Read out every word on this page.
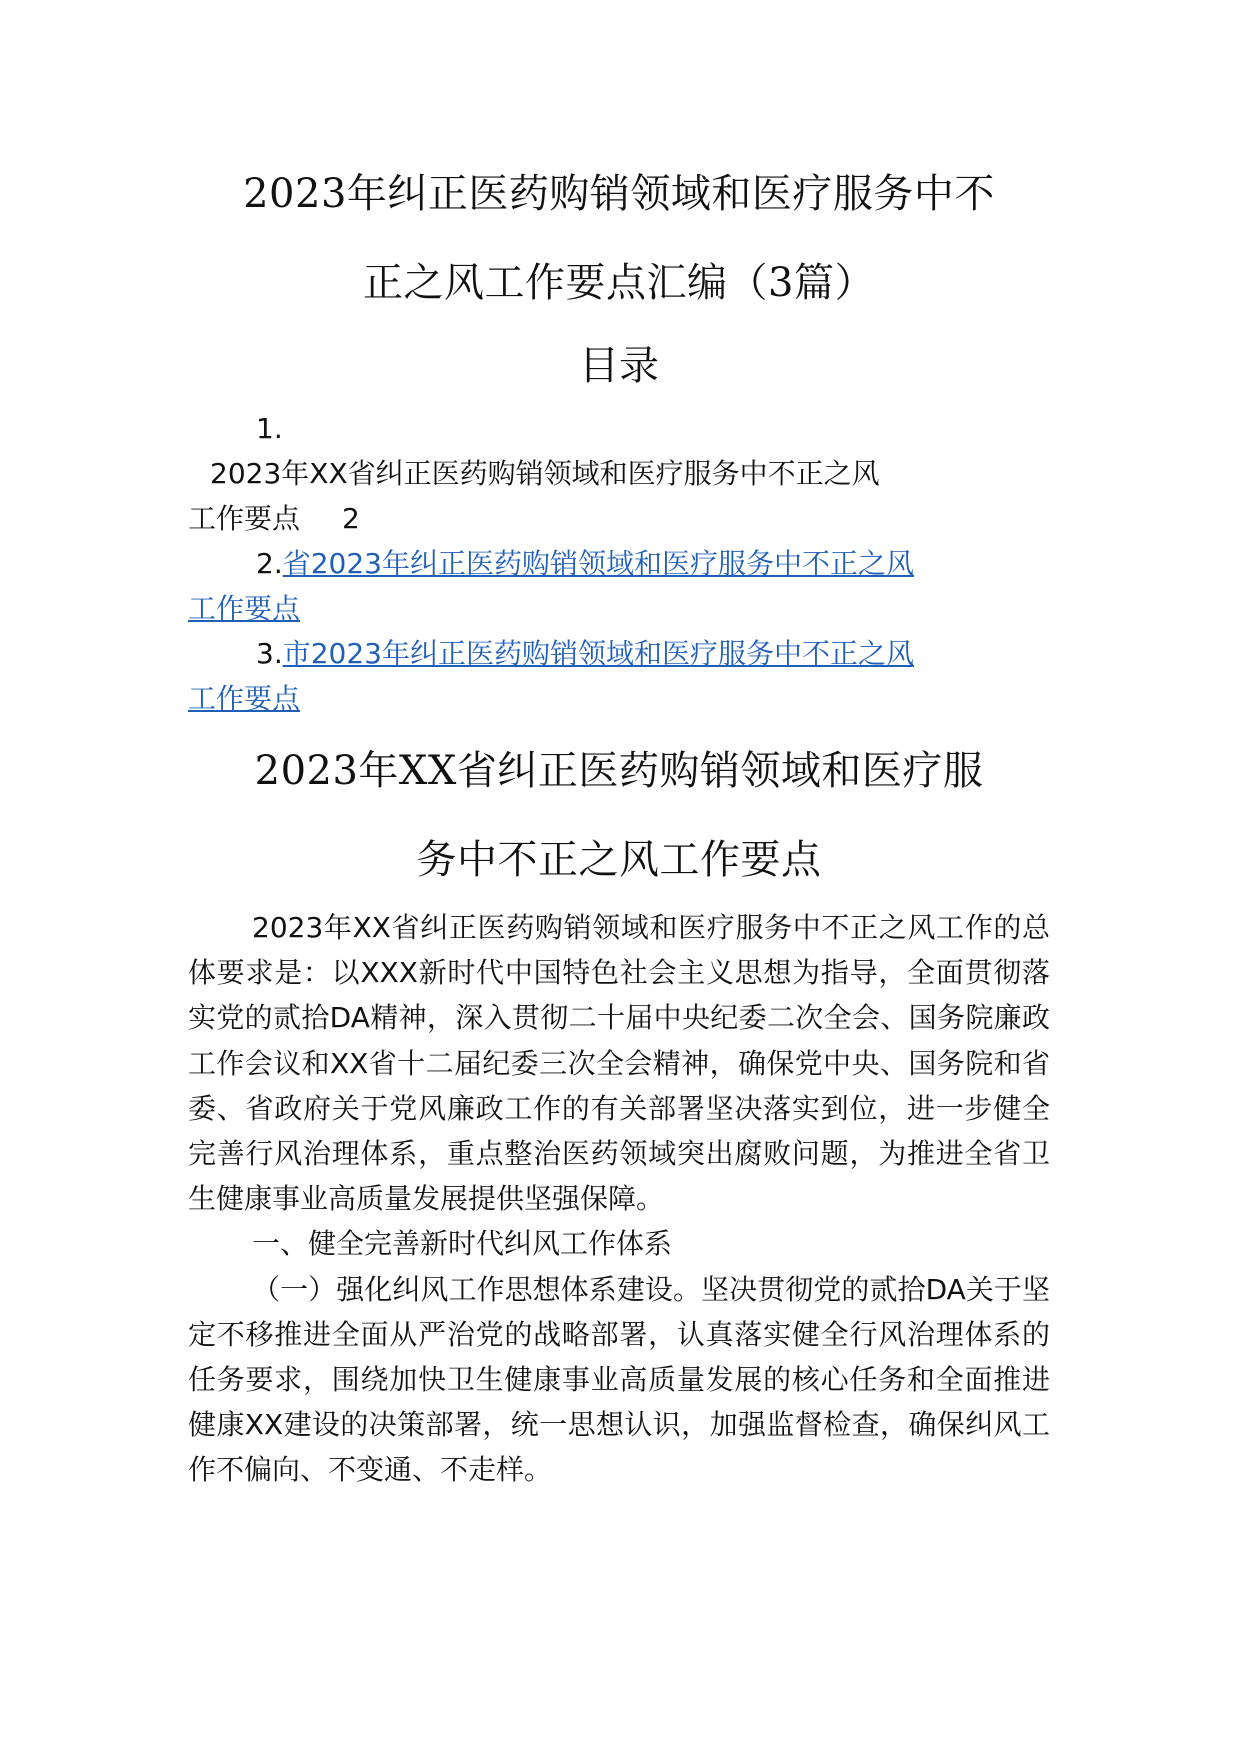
2023年纠正医药购销领域和医疗服务中不
正之风工作要点汇编（3篇）
目录

1.
2023年XX省纠正医药购销领域和医疗服务中不正之风
工作要点 2

2.省2023年纠正医药购销领域和医疗服务中不正之风
工作要点

3.市2023年纠正医药购销领域和医疗服务中不正之风
工作要点

2023年XX省纠正医药购销领域和医疗服
务中不正之风工作要点

2023年XX省纠正医药购销领域和医疗服务中不正之风工作的总体要求是：以XXX新时代中国特色社会主义思想为指导，全面贯彻落实党的贰拾DA精神，深入贯彻二十届中央纪委二次全会、国务院廉政工作会议和XX省十二届纪委三次全会精神，确保党中央、国务院和省委、省政府关于党风廉政工作的有关部署坚决落实到位，进一步健全完善行风治理体系，重点整治医药领域突出腐败问题，为推进全省卫生健康事业高质量发展提供坚强保障。

一、健全完善新时代纠风工作体系

（一）强化纠风工作思想体系建设。坚决贯彻党的贰拾DA关于坚定不移推进全面从严治党的战略部署，认真落实健全行风治理体系的任务要求，围绕加快卫生健康事业高质量发展的核心任务和全面推进健康XX建设的决策部署，统一思想认识，加强监督检查，确保纠风工作不偏向、不变通、不走样。
